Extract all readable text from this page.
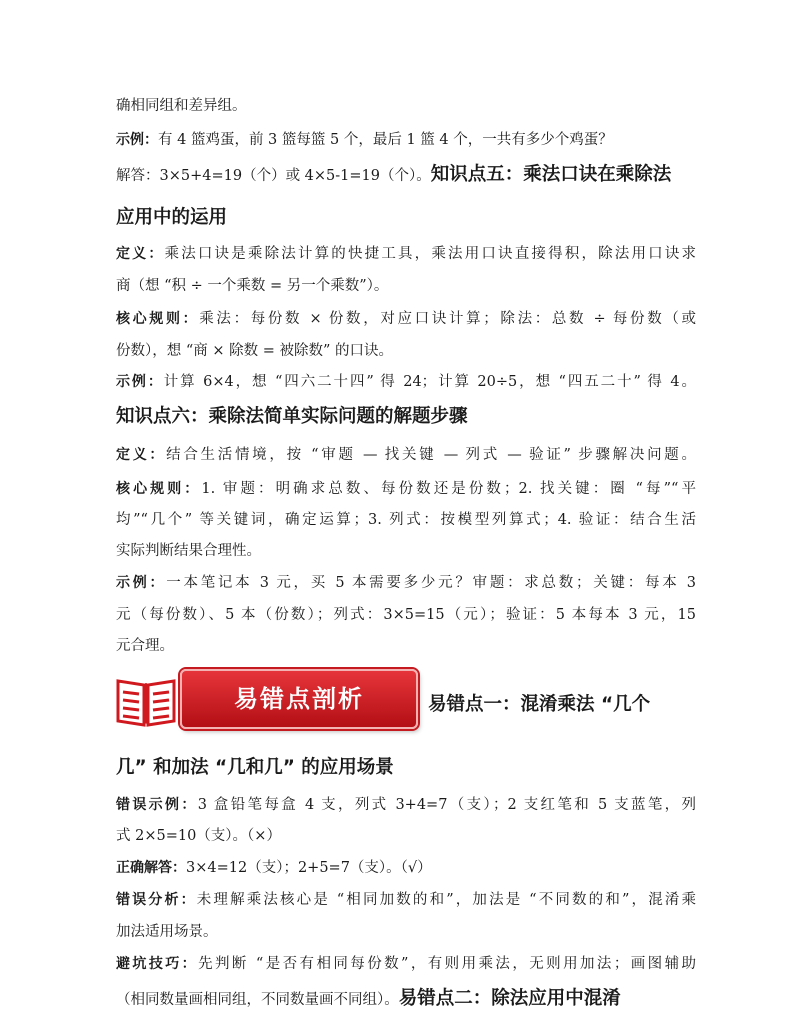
确相同组和差异组。
示例：有 4 篮鸡蛋，前 3 篮每篮 5 个，最后 1 篮 4 个，一共有多少个鸡蛋？
解答：3×5+4=19（个）或 4×5-1=19（个）。知识点五：乘法口诀在乘除法
应用中的运用
定义：乘法口诀是乘除法计算的快捷工具，乘法用口诀直接得积，除法用口诀求
商（想 “积 ÷ 一个乘数 = 另一个乘数”）。
核心规则：乘法：每份数 × 份数，对应口诀计算；除法：总数 ÷ 每份数（或
份数），想 “商 × 除数 = 被除数” 的口诀。
示例：计算 6×4，想 “四六二十四” 得 24；计算 20÷5，想 “四五二十” 得 4。
知识点六：乘除法简单实际问题的解题步骤
定义：结合生活情境，按 “审题 — 找关键 — 列式 — 验证” 步骤解决问题。
核心规则：1. 审题：明确求总数、每份数还是份数；2. 找关键：圈 “每”“平
均”“几个” 等关键词，确定运算；3. 列式：按模型列算式；4. 验证：结合生活
实际判断结果合理性。
示例：一本笔记本 3 元，买 5 本需要多少元？审题：求总数；关键：每本 3
元（每份数）、5 本（份数）；列式：3×5=15（元）；验证：5 本每本 3 元，15
元合理。
易错点剖析	易错点一：混淆乘法 “几个
几” 和加法 “几和几” 的应用场景
错误示例：3 盒铅笔每盒 4 支，列式 3+4=7（支）；2 支红笔和 5 支蓝笔，列
式 2×5=10（支）。（×）
正确解答：3×4=12（支）；2+5=7（支）。（√）
错误分析：未理解乘法核心是 “相同加数的和”，加法是 “不同数的和”，混淆乘
加法适用场景。
避坑技巧：先判断 “是否有相同每份数”，有则用乘法，无则用加法；画图辅助
（相同数量画相同组，不同数量画不同组）。易错点二：除法应用中混淆
